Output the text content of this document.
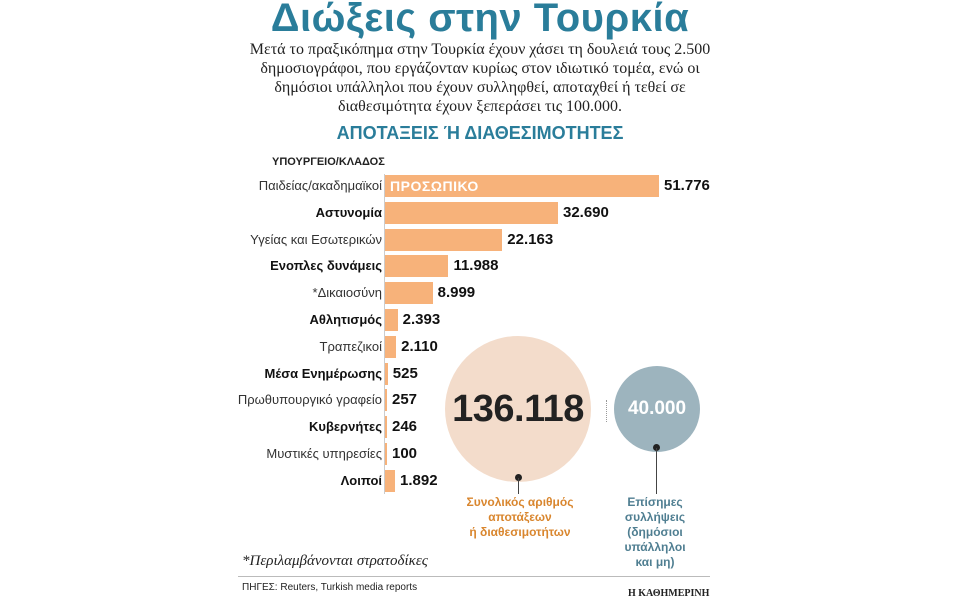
Διώξεις στην Τουρκία
Μετά το πραξικόπημα στην Τουρκία έχουν χάσει τη δουλειά τους 2.500 δημοσιογράφοι, που εργάζονταν κυρίως στον ιδιωτικό τομέα, ενώ οι δημόσιοι υπάλληλοι που έχουν συλληφθεί, αποταχθεί ή τεθεί σε διαθεσιμότητα έχουν ξεπεράσει τις 100.000.
ΑΠΟΤΑΞΕΙΣ Ή ΔΙΑΘΕΣΙΜΟΤΗΤΕΣ
ΥΠΟΥΡΓΕΙΟ/ΚΛΑΔΟΣ
Παιδείας/ακαδημαϊκοί	51.776
Αστυνομία	32.690
Υγείας και Εσωτερικών	22.163
Ενοπλες δυνάμεις	11.988
*Δικαιοσύνη	8.999
Αθλητισμός 2.393
Τραπεζικοί 2.110
Μέσα Ενημέρωσης 525
Πρωθυπουργικό γραφείο 257
Κυβερνήτες 246
Μυστικές υπηρεσίες 100
Λοιποί 1.892
ΠΡΟΣΩΠΙΚΟ
136.118 40.000
Συνολικός αριθμός
αποτάξεων
ή διαθεσιμοτήτων
Επίσημες
συλλήψεις
(δημόσιοι
υπάλληλοι
και μη)
*Περιλαμβάνονται στρατοδίκες
ΠΗΓΕΣ: Reuters, Turkish media reports
Η ΚΑΘΗΜΕΡΙΝΗ
